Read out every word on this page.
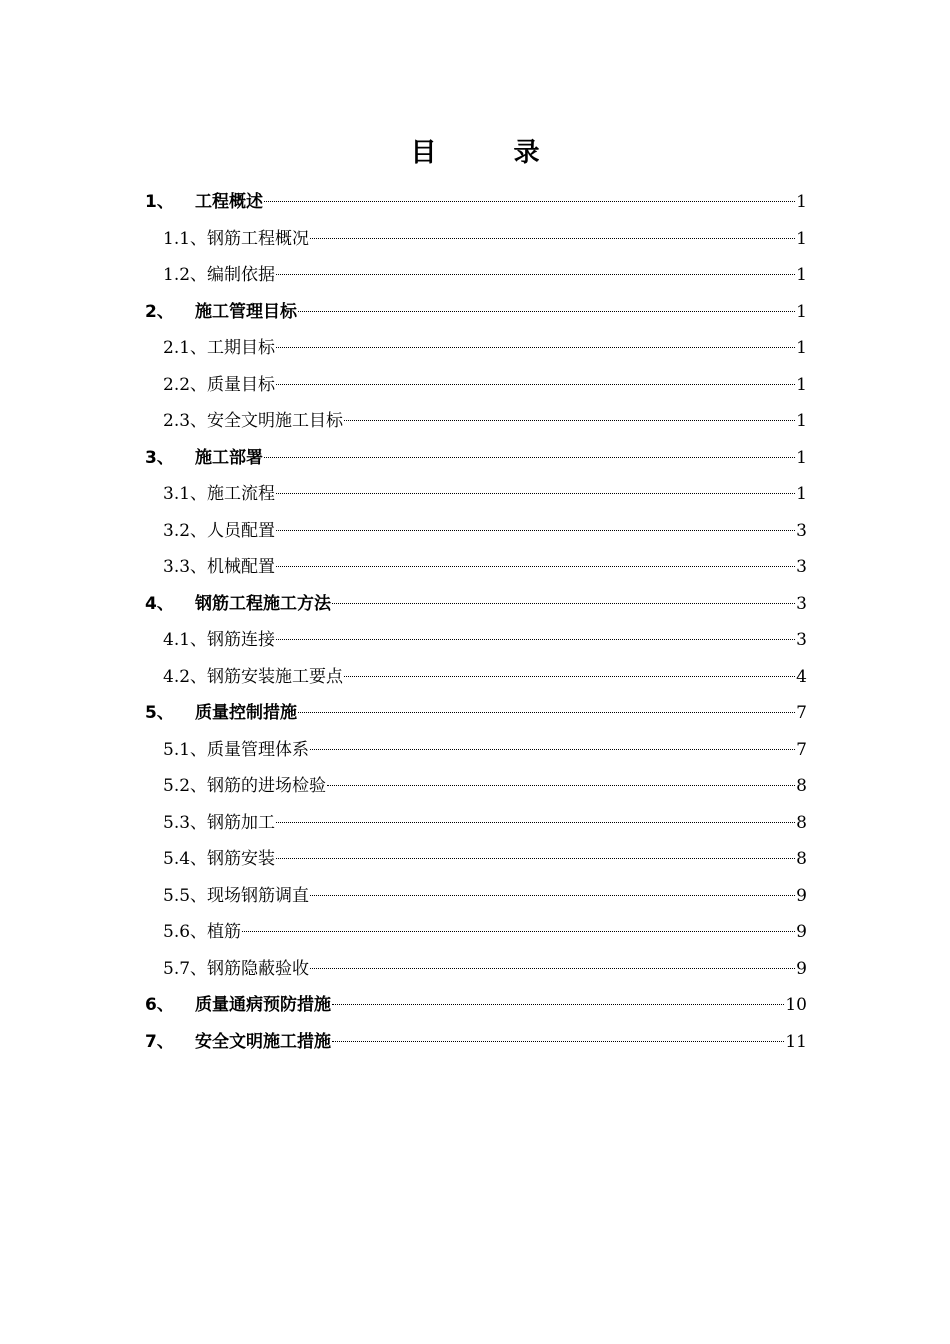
目 录
1、	工程概述	1
1.1、 钢筋工程概况	1
1.2、 编制依据	1
2、	施工管理目标	1
2.1、 工期目标	1
2.2、 质量目标	1
2.3、 安全文明施工目标	1
3、	施工部署	1
3.1、 施工流程	1
3.2、 人员配置	3
3.3、 机械配置	3
4、	钢筋工程施工方法	3
4.1、 钢筋连接	3
4.2、 钢筋安装施工要点	4
5、	质量控制措施	7
5.1、 质量管理体系	7
5.2、 钢筋的进场检验	8
5.3、 钢筋加工	8
5.4、 钢筋安装	8
5.5、 现场钢筋调直	9
5.6、 植筋	9
5.7、 钢筋隐蔽验收	9
6、	质量通病预防措施	10
7、	安全文明施工措施	11
